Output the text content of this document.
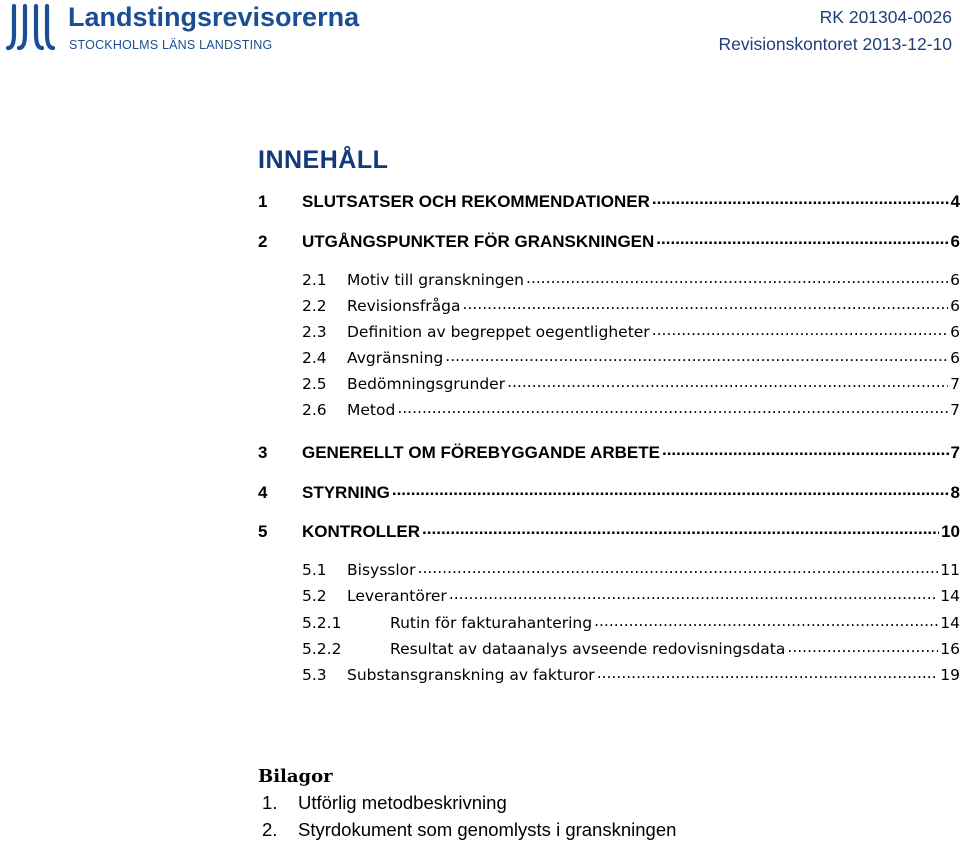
Landstingsrevisorerna
STOCKHOLMS LÄNS LANDSTING
RK 201304-0026
Revisionskontoret 2013-12-10
INNEHÅLL
1	SLUTSATSER OCH REKOMMENDATIONER .....	4
2	UTGÅNGSPUNKTER FÖR GRANSKNINGEN .....	6
2.1	Motiv till granskningen .....	6
2.2	Revisionsfråga .....	6
2.3	Definition av begreppet oegentligheter .....	6
2.4	Avgränsning .....	6
2.5	Bedömningsgrunder .....	7
2.6	Metod .....	7
3	GENERELLT OM FÖREBYGGANDE ARBETE .....	7
4	STYRNING .....	8
5	KONTROLLER .....	10
5.1	Bisysslor .....	11
5.2	Leverantörer .....	14
5.2.1	Rutin för fakturahantering .....	14
5.2.2	Resultat av dataanalys avseende redovisningsdata .....	16
5.3	Substansgranskning av fakturor .....	19
Bilagor
1. Utförlig metodbeskrivning
2. Styrdokument som genomlysts i granskningen
